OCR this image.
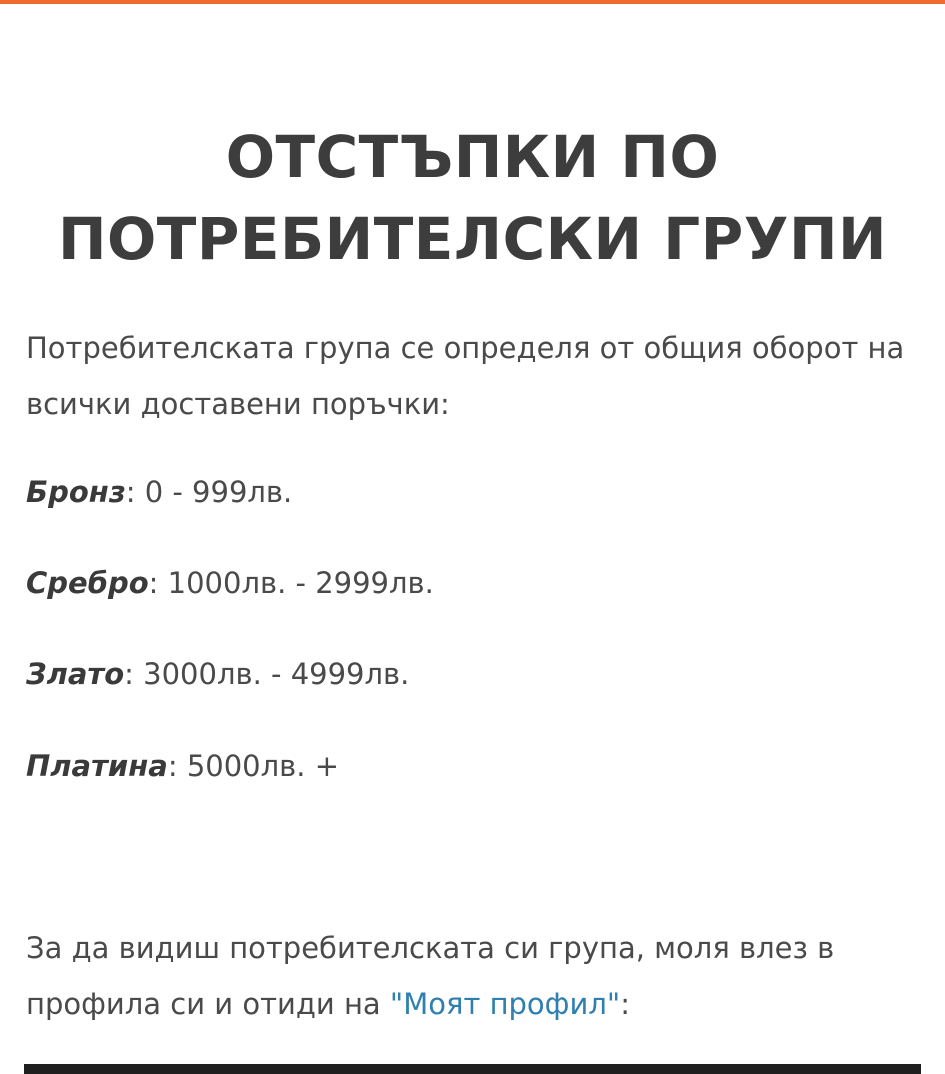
ОТСТЪПКИ ПО
ПОТРЕБИТЕЛСКИ ГРУПИ

Потребителската група се определя от общия оборот на всички доставени поръчки:

Бронз: 0 - 999лв.

Сребро: 1000лв. - 2999лв.

Злато: 3000лв. - 4999лв.

Платина: 5000лв. +

За да видиш потребителската си група, моля влез в профила си и отиди на "Моят профил":
